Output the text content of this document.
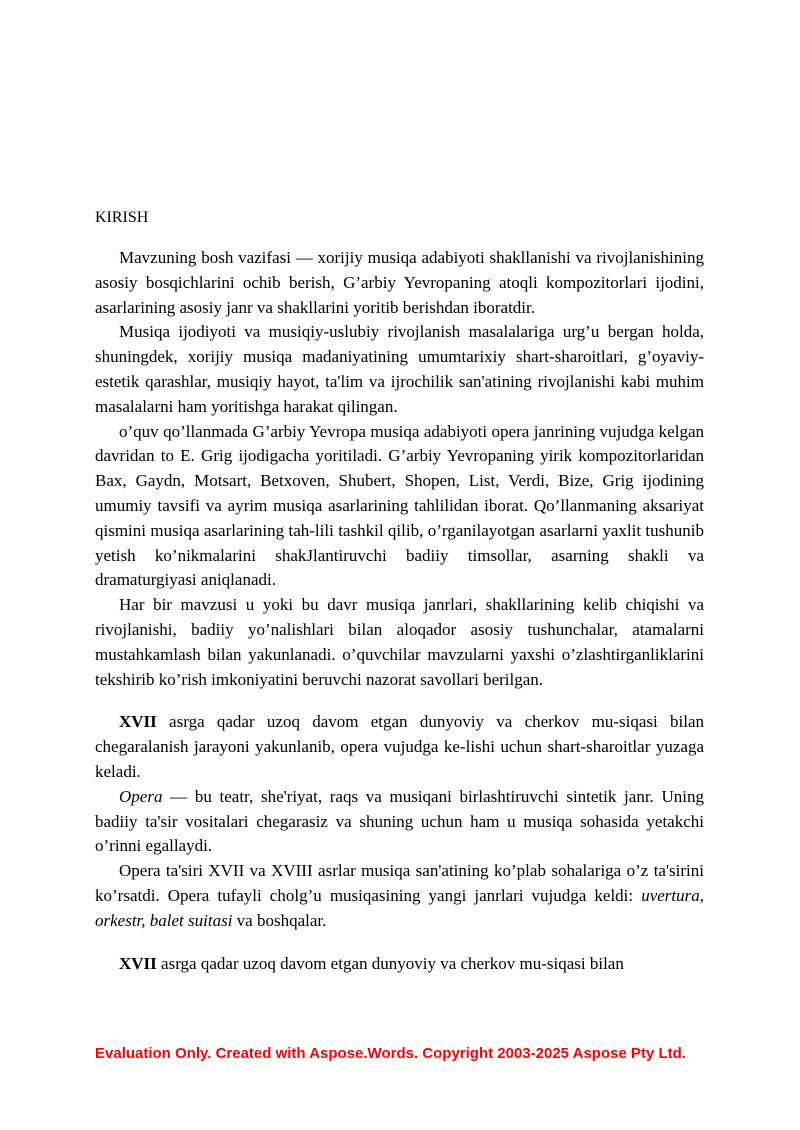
KIRISH

Mavzuning bosh vazifasi — xorijiy musiqa adabiyoti shakllanishi va rivojlanishining asosiy bosqichlarini ochib berish, G’arbiy Yevropaning atoqli kompozitorlari ijodini, asarlarining asosiy janr va shakllarini yoritib berishdan iboratdir.

Musiqa ijodiyoti va musiqiy-uslubiy rivojlanish masalalariga urg’u bergan holda, shuningdek, xorijiy musiqa madaniyatining umumtarixiy shart-sharoitlari, g’oyaviy-estetik qarashlar, musiqiy hayot, ta'lim va ijrochilik san'atining rivojlanishi kabi muhim masalalarni ham yoritishga harakat qilingan.

o’quv qo’llanmada G’arbiy Yevropa musiqa adabiyoti opera janrining vujudga kelgan davridan to E. Grig ijodigacha yoritiladi. G’arbiy Yevropaning yirik kompozitorlaridan Bax, Gaydn, Motsart, Betxoven, Shubert, Shopen, List, Verdi, Bize, Grig ijodining umumiy tavsifi va ayrim musiqa asarlarining tahlilidan iborat. Qo’llanmaning aksariyat qismini musiqa asarlarining tah-lili tashkil qilib, o’rganilayotgan asarlarni yaxlit tushunib yetish ko’nikmalarini shakJlantiruvchi badiiy timsollar, asarning shakli va dramaturgiyasi aniqlanadi.

Har bir mavzusi u yoki bu davr musiqa janrlari, shakllarining kelib chiqishi va rivojlanishi, badiiy yo’nalishlari bilan aloqador asosiy tushunchalar, atamalarni mustahkamlash bilan yakunlanadi. o’quvchilar mavzularni yaxshi o’zlashtirganliklarini tekshirib ko’rish imkoniyatini beruvchi nazorat savollari berilgan.

XVII asrga qadar uzoq davom etgan dunyoviy va cherkov mu-siqasi bilan chegaralanish jarayoni yakunlanib, opera vujudga ke-lishi uchun shart-sharoitlar yuzaga keladi.

Opera — bu teatr, she'riyat, raqs va musiqani birlashtiruvchi sintetik janr. Uning badiiy ta'sir vositalari chegarasiz va shuning uchun ham u musiqa sohasida yetakchi o’rinni egallaydi.

Opera ta'siri XVII va XVIII asrlar musiqa san'atining ko’plab sohalariga o’z ta'sirini ko’rsatdi. Opera tufayli cholg’u musiqasining yangi janrlari vujudga keldi: uvertura, orkestr, balet suitasi va boshqalar.

XVII asrga qadar uzoq davom etgan dunyoviy va cherkov mu-siqasi bilan

Evaluation Only. Created with Aspose.Words. Copyright 2003-2025 Aspose Pty Ltd.
